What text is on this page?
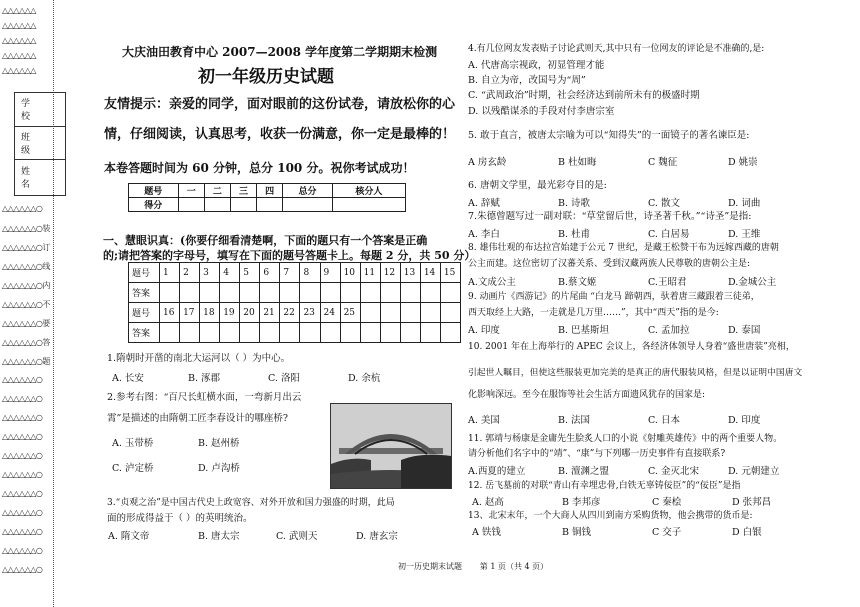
△△△△△△
△△△△△△
△△△△△△
△△△△△△
△△△△△△
△△△△△△○
△△△△△△○装
△△△△△△○订
△△△△△△○线
△△△△△△○内
△△△△△△○不
△△△△△△○要
△△△△△△○答
△△△△△△○题
△△△△△△○
△△△△△△○
△△△△△△○
△△△△△△○
△△△△△△○
△△△△△△○
△△△△△△○
△△△△△△○
△△△△△△○
△△△△△△○
△△△△△△○
学 校
班 级
姓 名
大庆油田教育中心 2007—2008 学年度第二学期期末检测
初一年级历史试题
友情提示：亲爱的同学，面对眼前的这份试卷，请放松你的心
情，仔细阅读，认真思考，收获一份满意，你一定是最棒的！
本卷答题时间为 60 分钟，总分 100 分。祝你考试成功！
题号	一	二	三	四	总分	核分人
得分						
一、慧眼识真：(你要仔细看清楚啊，下面的题只有一个答案是正确
的;请把答案的字母号，填写在下面的题号答题卡上。每题 2 分，共 50 分）
题号	1	2	3	4	5	6	7	8	9	10	11	12	13	14	15
答案															
题号	16	17	18	19	20	21	22	23	24	25					
答案															
1.隋朝时开凿的南北大运河以（ ）为中心。
A. 长安	B. 涿郡	C. 洛阳	D. 余杭
2.参考右图：“百尺长虹横水面，一弯新月出云
霄”是描述的由隋朝工匠李春设计的哪座桥?
A. 玉带桥	B. 赵州桥
C. 泸定桥	D. 卢沟桥
3.“贞观之治”是中国古代史上政宽容、对外开放和国力强盛的时期，此局
面的形成得益于（ ）的英明统治。
A. 隋文帝	B. 唐太宗	C. 武则天	D. 唐玄宗
4.有几位网友发表贴子讨论武则天,其中只有一位网友的评论是不准确的,是:
A. 代唐高宗视政，初显管理才能
B. 自立为帝，改国号为“周”
C. “武周政治”时期，社会经济达到前所未有的极盛时期
D. 以残酷谋杀的手段对付李唐宗室
5. 敢于直言，被唐太宗喻为可以“知得失”的一面镜子的著名谏臣是:
A 房玄龄	B 杜如晦	C 魏征	D 姚崇
6. 唐朝文学里，最光彩夺目的是:
A. 辞赋	B. 诗歌	C. 散文	D. 词曲
7.朱德曾题写过一副对联：“草堂留后世，诗圣著千秋。”“诗圣”是指:
A. 李白	B. 杜甫	C. 白居易	D. 王维
8. 雄伟壮观的布达拉宫始建于公元 7 世纪，是藏王松赞干布为远嫁西藏的唐朝
公主而建。这位密切了汉蕃关系、受到汉藏两族人民尊敬的唐朝公主是:
A.文成公主	B.蔡文姬	C.王昭君	D.金城公主
9. 动画片《西游记》的片尾曲 “白龙马 蹄朝西，驮着唐三藏跟着三徒弟，
西天取经上大路，一走就是几万里……”，其中“西天”指的是今:
A. 印度	B. 巴基斯坦	C. 孟加拉	D. 泰国
10. 2001 年在上海举行的 APEC 会议上，各经济体领导人身着“盛世唐装”亮相，
引起世人瞩目，但使这些服装更加完美的是真正的唐代服装风格，但是以证明中国唐文
化影响深远。至今在服饰等社会生活方面遗风犹存的国家是:
A. 美国	B. 法国	C. 日本	D. 印度
11. 郭靖与杨康是金庸先生脍炙人口的小说《射雕英雄传》中的两个重要人物。
请分析他们名字中的“靖”、“康”与下列哪一历史事件有直接联系?
A.西夏的建立	B. 澶渊之盟	C. 金灭北宋	D. 元朝建立
12. 岳飞墓前的对联“青山有幸埋忠骨,白铁无辜铸佞臣”的“佞臣”是指
A. 赵高	B 李邦彦	C 秦桧	D 张邦昌
13、北宋末年，一个大商人从四川到南方采购货物，他会携带的货币是:
A 铁钱	B 铜钱	C 交子	D 白银
初一历史期末试题       第 1 页（共 4 页）
